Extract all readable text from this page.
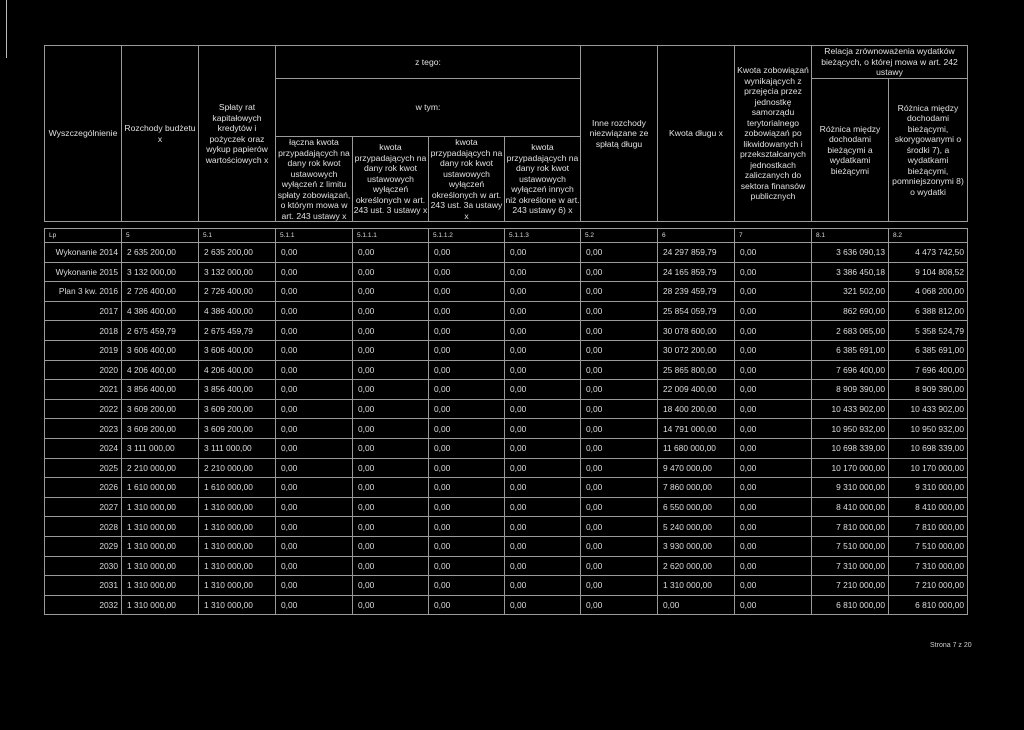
Wyszczególnienie	Rozchody budżetu x	Spłaty rat kapitałowych kredytów i pożyczek oraz wykup papierów wartościowych x	z tego:				Inne rozchody niezwiązane ze spłatą długu	Kwota długu x	Kwota zobowiązań wynikających z przejęcia przez jednostkę samorządu terytorialnego zobowiązań po likwidowanych i przekształcanych jednostkach zaliczanych do sektora finansów publicznych	Relacja zrównoważenia wydatków bieżących, o której mowa w art. 242 ustawy	
			w tym:							Różnica między dochodami bieżącymi a wydatkami bieżącymi	Różnica między dochodami bieżącymi, skorygowanymi o środki 7), a wydatkami bieżącymi, pomniejszonymi 8) o wydatki
			łączna kwota przypadających na dany rok kwot ustawowych wyłączeń z limitu spłaty zobowiązań, o którym mowa w art. 243 ustawy x	kwota przypadających na dany rok kwot ustawowych wyłączeń określonych w art. 243 ust. 3 ustawy x	kwota przypadających na dany rok kwot ustawowych wyłączeń określonych w art. 243 ust. 3a ustawy x	kwota przypadających na dany rok kwot ustawowych wyłączeń innych niż określone w art. 243 ustawy 6) x					

Lp	5	5.1	5.1.1	5.1.1.1	5.1.1.2	5.1.1.3	5.2	6	7	8.1	8.2
Wykonanie 2014	2 635 200,00	2 635 200,00	0,00	0,00	0,00	0,00	0,00	24 297 859,79	0,00	3 636 090,13	4 473 742,50
Wykonanie 2015	3 132 000,00	3 132 000,00	0,00	0,00	0,00	0,00	0,00	24 165 859,79	0,00	3 386 450,18	9 104 808,52
Plan 3 kw. 2016	2 726 400,00	2 726 400,00	0,00	0,00	0,00	0,00	0,00	28 239 459,79	0,00	321 502,00	4 068 200,00
2017	4 386 400,00	4 386 400,00	0,00	0,00	0,00	0,00	0,00	25 854 059,79	0,00	862 690,00	6 388 812,00
2018	2 675 459,79	2 675 459,79	0,00	0,00	0,00	0,00	0,00	30 078 600,00	0,00	2 683 065,00	5 358 524,79
2019	3 606 400,00	3 606 400,00	0,00	0,00	0,00	0,00	0,00	30 072 200,00	0,00	6 385 691,00	6 385 691,00
2020	4 206 400,00	4 206 400,00	0,00	0,00	0,00	0,00	0,00	25 865 800,00	0,00	7 696 400,00	7 696 400,00
2021	3 856 400,00	3 856 400,00	0,00	0,00	0,00	0,00	0,00	22 009 400,00	0,00	8 909 390,00	8 909 390,00
2022	3 609 200,00	3 609 200,00	0,00	0,00	0,00	0,00	0,00	18 400 200,00	0,00	10 433 902,00	10 433 902,00
2023	3 609 200,00	3 609 200,00	0,00	0,00	0,00	0,00	0,00	14 791 000,00	0,00	10 950 932,00	10 950 932,00
2024	3 111 000,00	3 111 000,00	0,00	0,00	0,00	0,00	0,00	11 680 000,00	0,00	10 698 339,00	10 698 339,00
2025	2 210 000,00	2 210 000,00	0,00	0,00	0,00	0,00	0,00	9 470 000,00	0,00	10 170 000,00	10 170 000,00
2026	1 610 000,00	1 610 000,00	0,00	0,00	0,00	0,00	0,00	7 860 000,00	0,00	9 310 000,00	9 310 000,00
2027	1 310 000,00	1 310 000,00	0,00	0,00	0,00	0,00	0,00	6 550 000,00	0,00	8 410 000,00	8 410 000,00
2028	1 310 000,00	1 310 000,00	0,00	0,00	0,00	0,00	0,00	5 240 000,00	0,00	7 810 000,00	7 810 000,00
2029	1 310 000,00	1 310 000,00	0,00	0,00	0,00	0,00	0,00	3 930 000,00	0,00	7 510 000,00	7 510 000,00
2030	1 310 000,00	1 310 000,00	0,00	0,00	0,00	0,00	0,00	2 620 000,00	0,00	7 310 000,00	7 310 000,00
2031	1 310 000,00	1 310 000,00	0,00	0,00	0,00	0,00	0,00	1 310 000,00	0,00	7 210 000,00	7 210 000,00
2032	1 310 000,00	1 310 000,00	0,00	0,00	0,00	0,00	0,00	0,00	0,00	6 810 000,00	6 810 000,00
Strona 7 z 20
